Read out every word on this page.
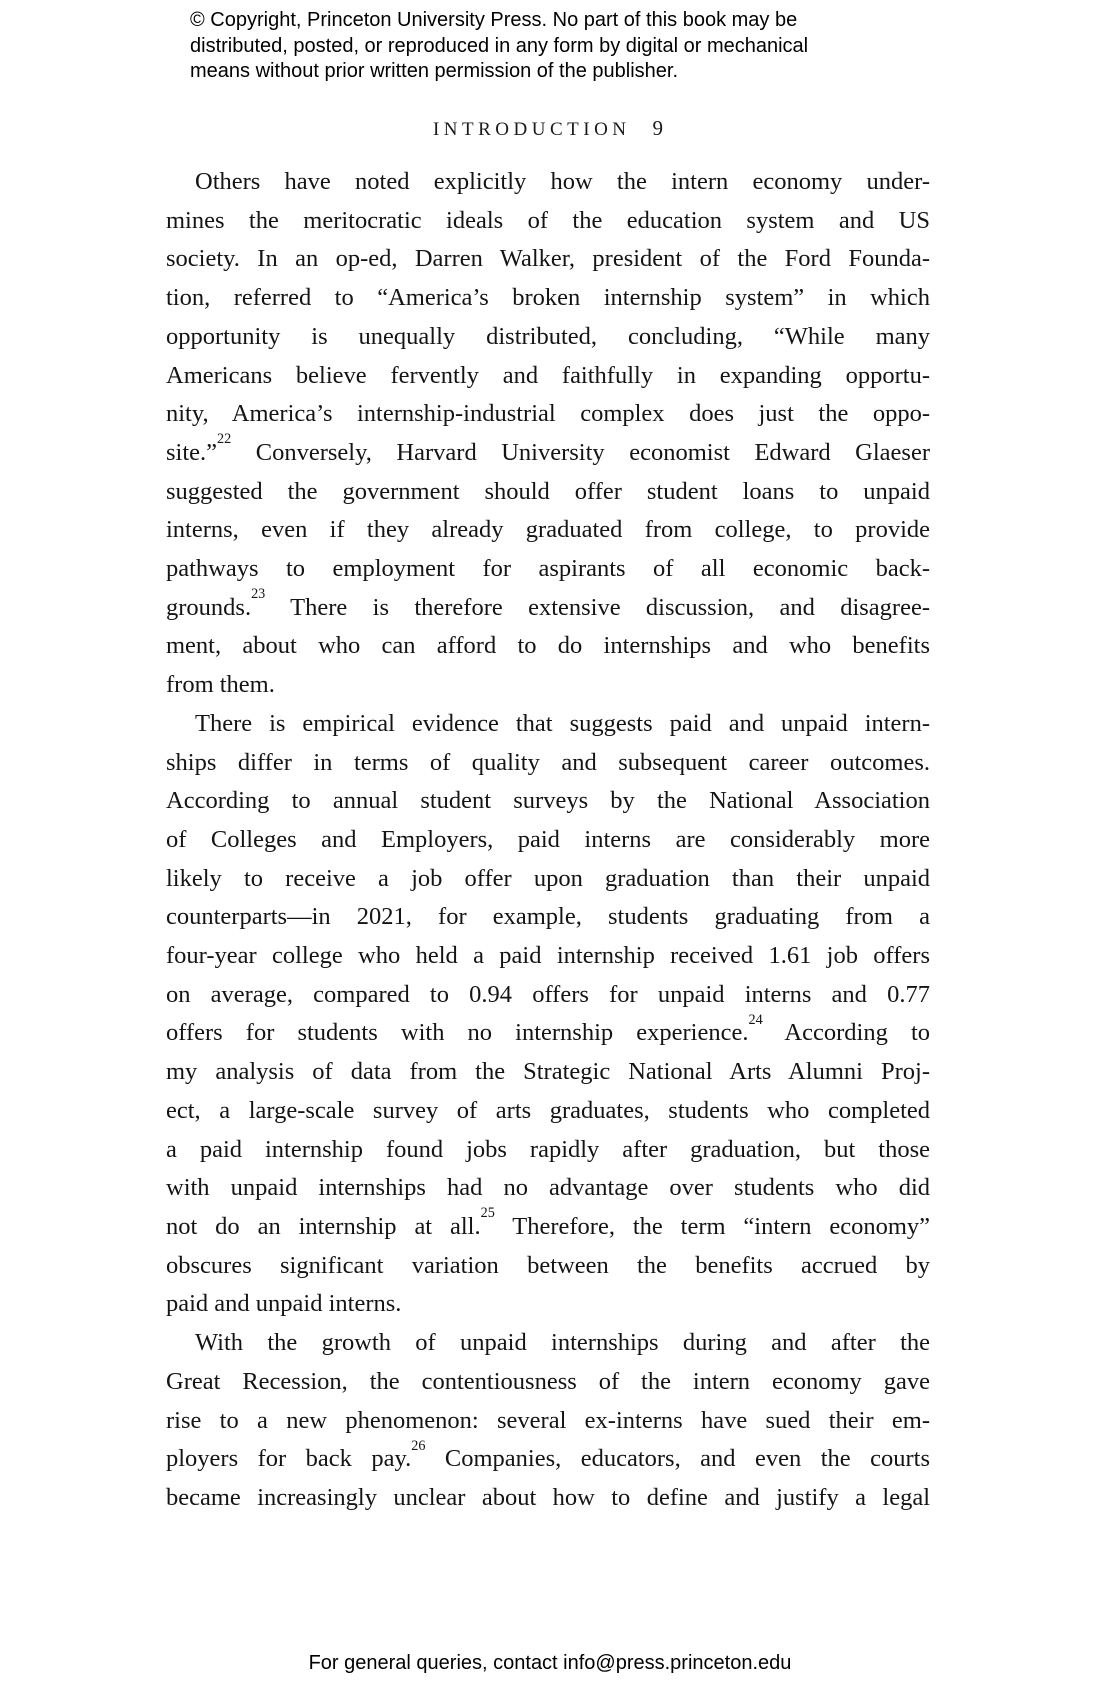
© Copyright, Princeton University Press. No part of this book may be
distributed, posted, or reproduced in any form by digital or mechanical
means without prior written permission of the publisher.
INTRODUCTION 9
Others have noted explicitly how the intern economy under-
mines the meritocratic ideals of the education system and US
society. In an op-ed, Darren Walker, president of the Ford Founda-
tion, referred to “America’s broken internship system” in which
opportunity is unequally distributed, concluding, “While many
Americans believe fervently and faithfully in expanding opportu-
nity, America’s internship-industrial complex does just the oppo-
site.”$^{22}$ Conversely, Harvard University economist Edward Glaeser
suggested the government should offer student loans to unpaid
interns, even if they already graduated from college, to provide
pathways to employment for aspirants of all economic back-
grounds.$^{23}$ There is therefore extensive discussion, and disagree-
ment, about who can afford to do internships and who benefits
from them.
There is empirical evidence that suggests paid and unpaid intern-
ships differ in terms of quality and subsequent career outcomes.
According to annual student surveys by the National Association
of Colleges and Employers, paid interns are considerably more
likely to receive a job offer upon graduation than their unpaid
counterparts—in 2021, for example, students graduating from a
four-year college who held a paid internship received 1.61 job offers
on average, compared to 0.94 offers for unpaid interns and 0.77
offers for students with no internship experience.$^{24}$ According to
my analysis of data from the Strategic National Arts Alumni Proj-
ect, a large-scale survey of arts graduates, students who completed
a paid internship found jobs rapidly after graduation, but those
with unpaid internships had no advantage over students who did
not do an internship at all.$^{25}$ Therefore, the term “intern economy”
obscures significant variation between the benefits accrued by
paid and unpaid interns.
With the growth of unpaid internships during and after the
Great Recession, the contentiousness of the intern economy gave
rise to a new phenomenon: several ex-interns have sued their em-
ployers for back pay.$^{26}$ Companies, educators, and even the courts
became increasingly unclear about how to define and justify a legal
For general queries, contact info@press.princeton.edu
